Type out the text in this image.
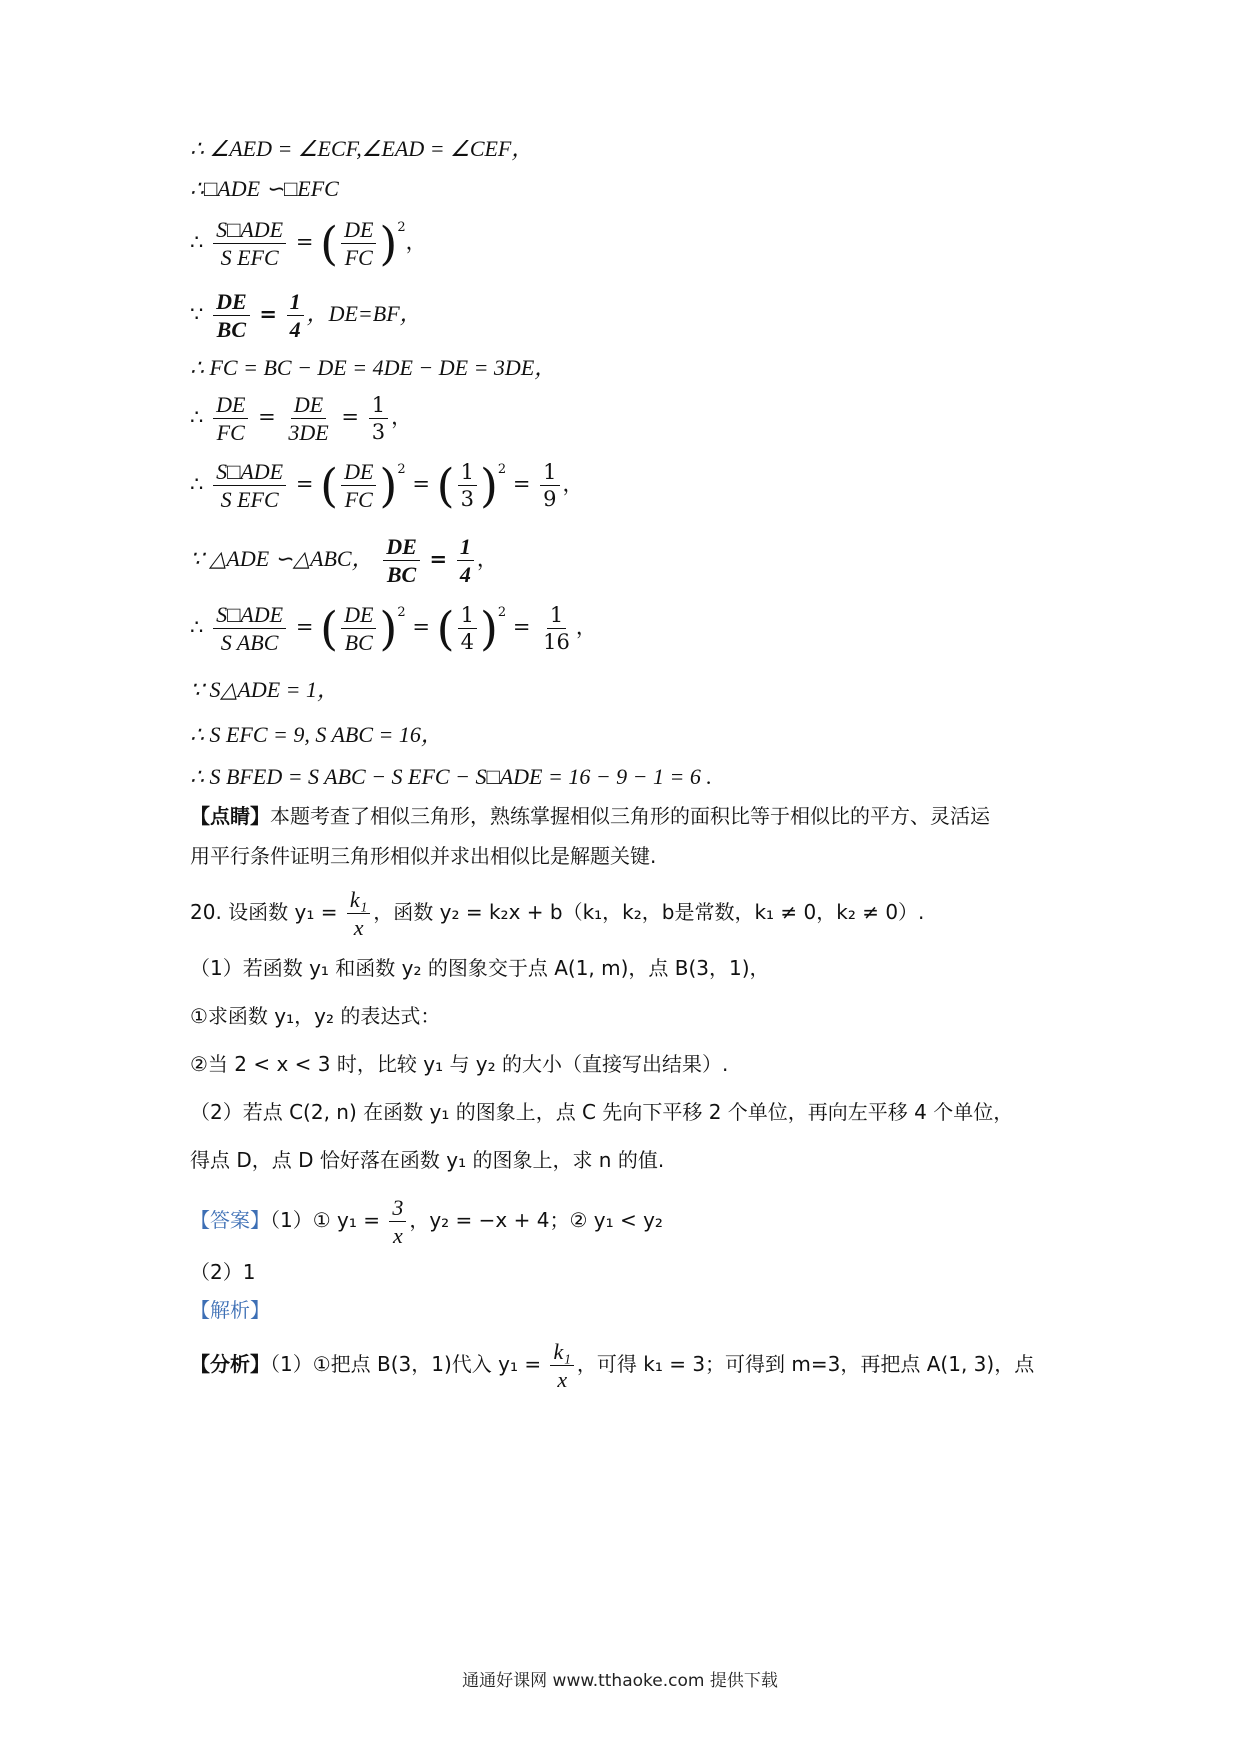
∴ ∠AED = ∠ECF,∠EAD = ∠CEF，
∴□ADE ∽□EFC
∴ $\frac{\text{S□ADE}}{\text{S EFC}}$ = ( $\frac{DE}{FC} )^2$，
∵ $\frac{DE}{BC} = \frac{1}{4}$ ，DE=BF，
∴ FC = BC − DE = 4DE − DE = 3DE，
∴ $\frac{DE}{FC} = \frac{DE}{3DE} = \frac{1}{3}$ ，
∴ $\frac{\text{S□ADE}}{\text{S EFC}}$ = ( $\frac{DE}{FC} )^2$ = ( $\frac{1}{3} )^2 = \frac{1}{9}$ ，
∵ △ADE ∽△ABC， $\frac{DE}{BC} = \frac{1}{4}$ ，
∴ $\frac{\text{S□ADE}}{\text{S ABC}}$ = ( $\frac{DE}{BC} )^2$ = ( $\frac{1}{4} )^2 = \frac{1}{16}$ ，
∵ S△ADE = 1，
∴ S EFC = 9, S ABC = 16，
∴ S BFED = S ABC − S EFC − S□ADE = 16 − 9 − 1 = 6 .
【点睛】本题考查了相似三角形，熟练掌握相似三角形的面积比等于相似比的平方、灵活运
用平行条件证明三角形相似并求出相似比是解题关键.
20. 设函数 $y_1 = \frac{\text{k₁}}{x}$ ，函数 y₂ = k₂x + b（k₁，k₂，b是常数，k₁ ≠ 0，k₂ ≠ 0）.
（1）若函数 y₁ 和函数 y₂ 的图象交于点 A(1, m)，点 B(3，1)，
①求函数 y₁，y₂ 的表达式：
②当 2 < x < 3 时，比较 y₁ 与 y₂ 的大小（直接写出结果）.
（2）若点 C(2, n) 在函数 y₁ 的图象上，点 C 先向下平移 2 个单位，再向左平移 4 个单位，
得点 D，点 D 恰好落在函数 y₁ 的图象上，求 n 的值.
【答案】（1）① $y_1 = \frac{3}{x}$ ，y₂ = −x + 4；② y₁ < y₂
（2）1
【解析】
【分析】（1）①把点 B(3，1)代入 $y_1 = \frac{\text{k₁}}{x}$ ，可得 k₁ = 3；可得到 m=3，再把点 A(1, 3)，点
通通好课网 www.tthaoke.com 提供下载
